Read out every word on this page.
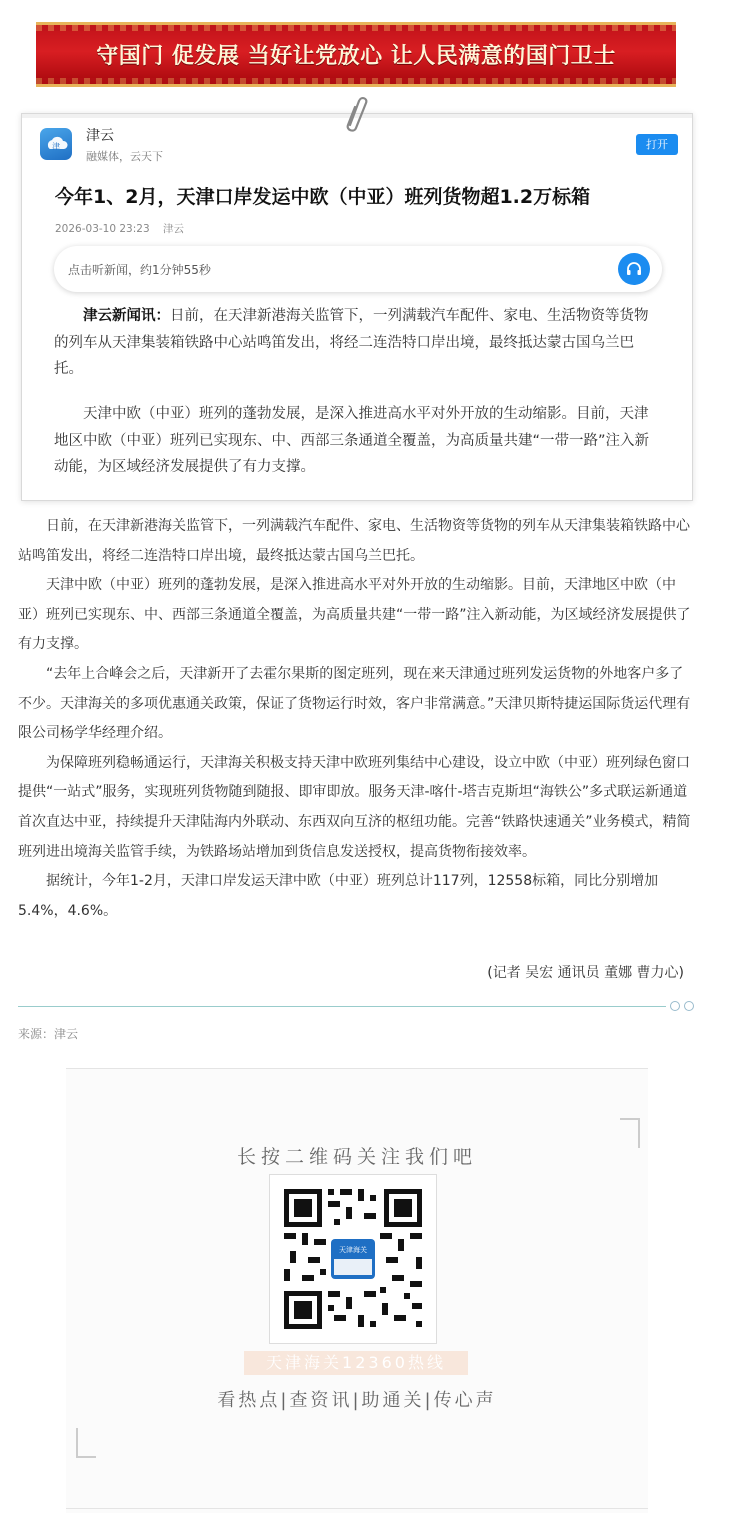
守国门 促发展 当好让党放心 让人民满意的国门卫士
津
津云
融媒体，云天下
打开
今年1、2月，天津口岸发运中欧（中亚）班列货物超1.2万标箱
2026-03-10 23:23 津云
点击听新闻，约1分钟55秒

津云新闻讯：日前，在天津新港海关监管下，一列满载汽车配件、家电、生活物资等货物的列车从天津集装箱铁路中心站鸣笛发出，将经二连浩特口岸出境，最终抵达蒙古国乌兰巴托。

天津中欧（中亚）班列的蓬勃发展，是深入推进高水平对外开放的生动缩影。目前，天津地区中欧（中亚）班列已实现东、中、西部三条通道全覆盖，为高质量共建“一带一路”注入新动能，为区域经济发展提供了有力支撑。

日前，在天津新港海关监管下，一列满载汽车配件、家电、生活物资等货物的列车从天津集装箱铁路中心站鸣笛发出，将经二连浩特口岸出境，最终抵达蒙古国乌兰巴托。

天津中欧（中亚）班列的蓬勃发展，是深入推进高水平对外开放的生动缩影。目前，天津地区中欧（中亚）班列已实现东、中、西部三条通道全覆盖，为高质量共建“一带一路”注入新动能，为区域经济发展提供了有力支撑。

“去年上合峰会之后，天津新开了去霍尔果斯的图定班列，现在来天津通过班列发运货物的外地客户多了不少。天津海关的多项优惠通关政策，保证了货物运行时效，客户非常满意。”天津贝斯特捷运国际货运代理有限公司杨学华经理介绍。

为保障班列稳畅通运行，天津海关积极支持天津中欧班列集结中心建设，设立中欧（中亚）班列绿色窗口提供“一站式”服务，实现班列货物随到随报、即审即放。服务天津-喀什-塔吉克斯坦“海铁公”多式联运新通道首次直达中亚，持续提升天津陆海内外联动、东西双向互济的枢纽功能。完善“铁路快速通关”业务模式，精简班列进出境海关监管手续，为铁路场站增加到货信息发送授权，提高货物衔接效率。

据统计，今年1-2月，天津口岸发运天津中欧（中亚）班列总计117列，12558标箱，同比分别增加5.4%，4.6%。

(记者 吴宏 通讯员 董娜 曹力心)
来源：津云
长按二维码关注我们吧
天津海关
天津海关12360热线
看热点|查资讯|助通关|传心声
